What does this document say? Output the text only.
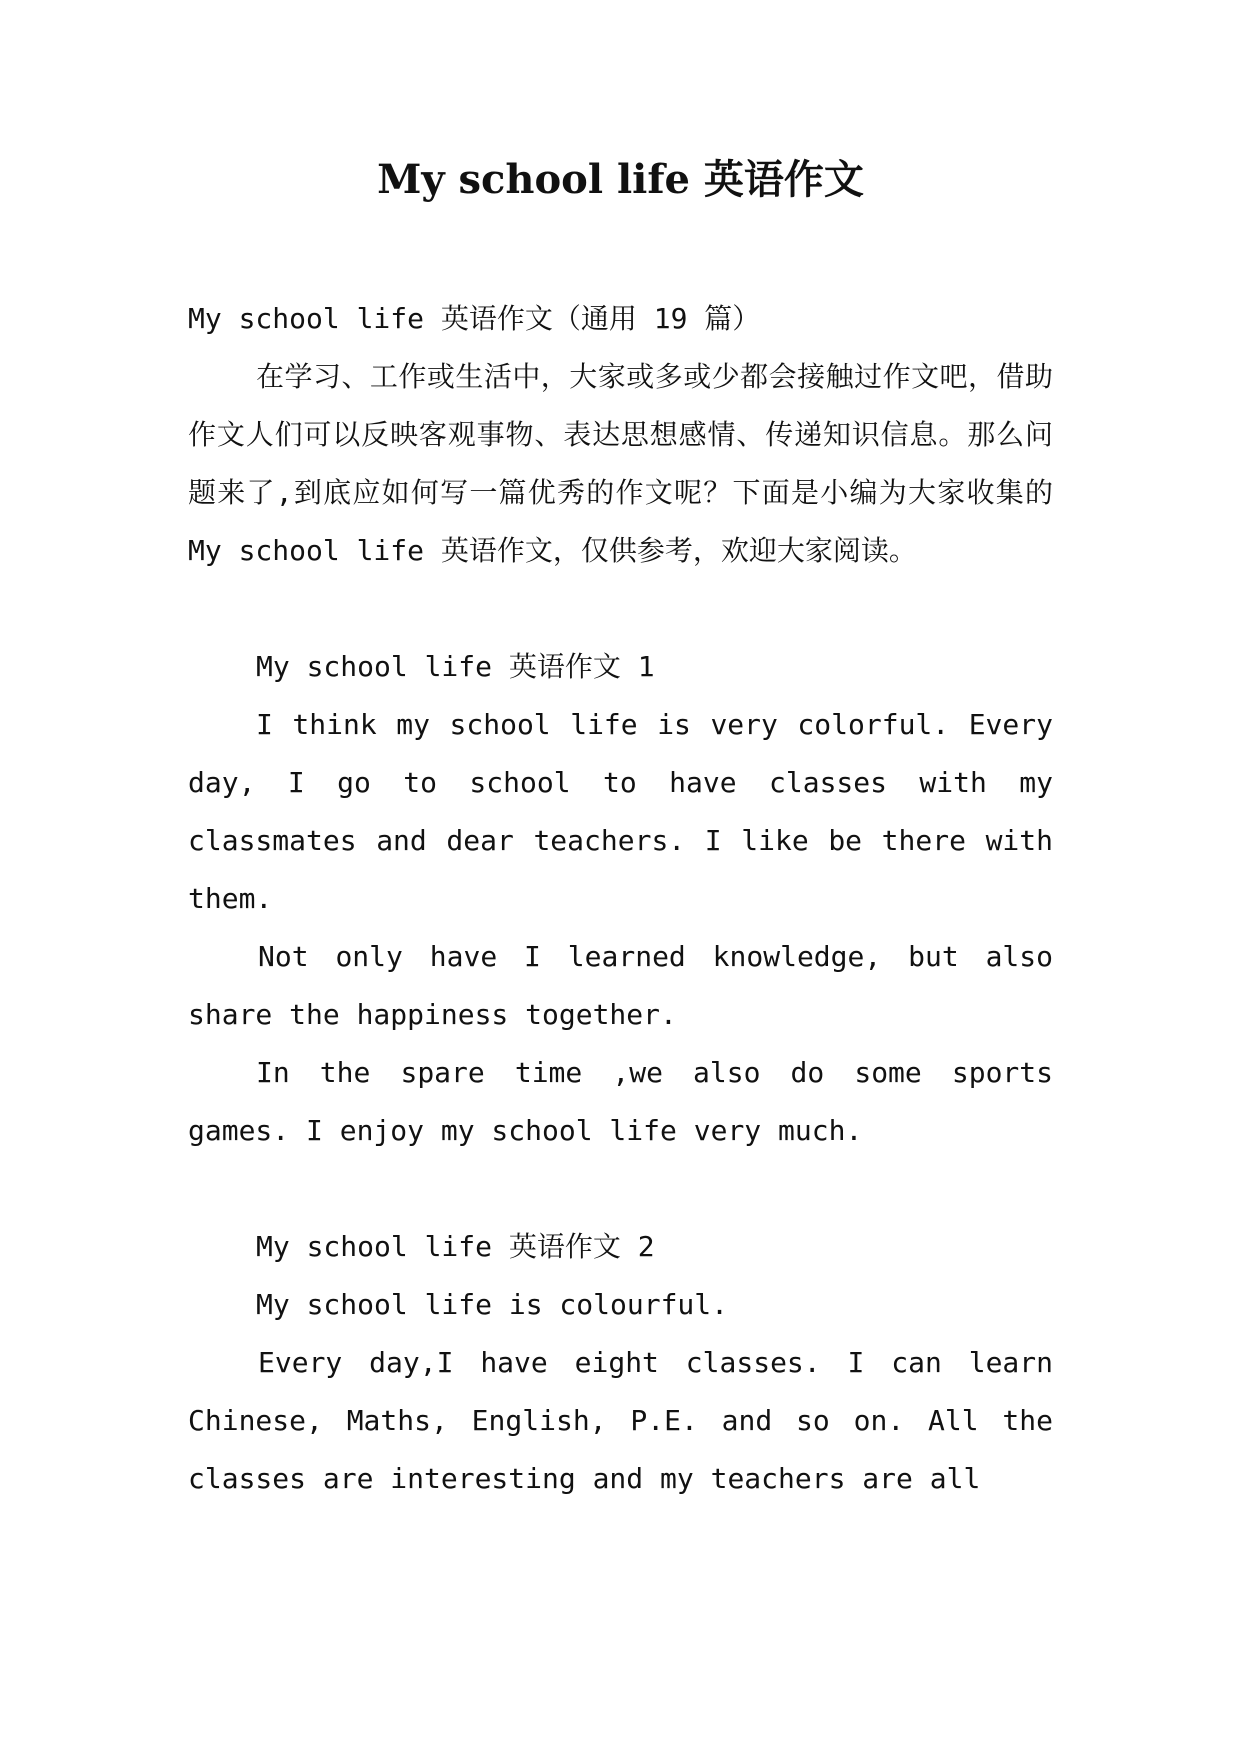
My school life 英语作文

My school life 英语作文（通用 19 篇）

在学习、工作或生活中，大家或多或少都会接触过作文吧，借助作文人们可以反映客观事物、表达思想感情、传递知识信息。那么问题来了,到底应如何写一篇优秀的作文呢？下面是小编为大家收集的 My school life 英语作文，仅供参考，欢迎大家阅读。

My school life 英语作文 1

I think my school life is very colorful. Every day, I go to school to have classes with my classmates and dear teachers. I like be there with them.

Not only have I learned knowledge, but also share the happiness together.

In the spare time ,we also do some sports games. I enjoy my school life very much.

My school life 英语作文 2

My school life is colourful.

Every day,I have eight classes. I can learn Chinese, Maths, English, P.E. and so on. All the classes are interesting and my teachers are all
